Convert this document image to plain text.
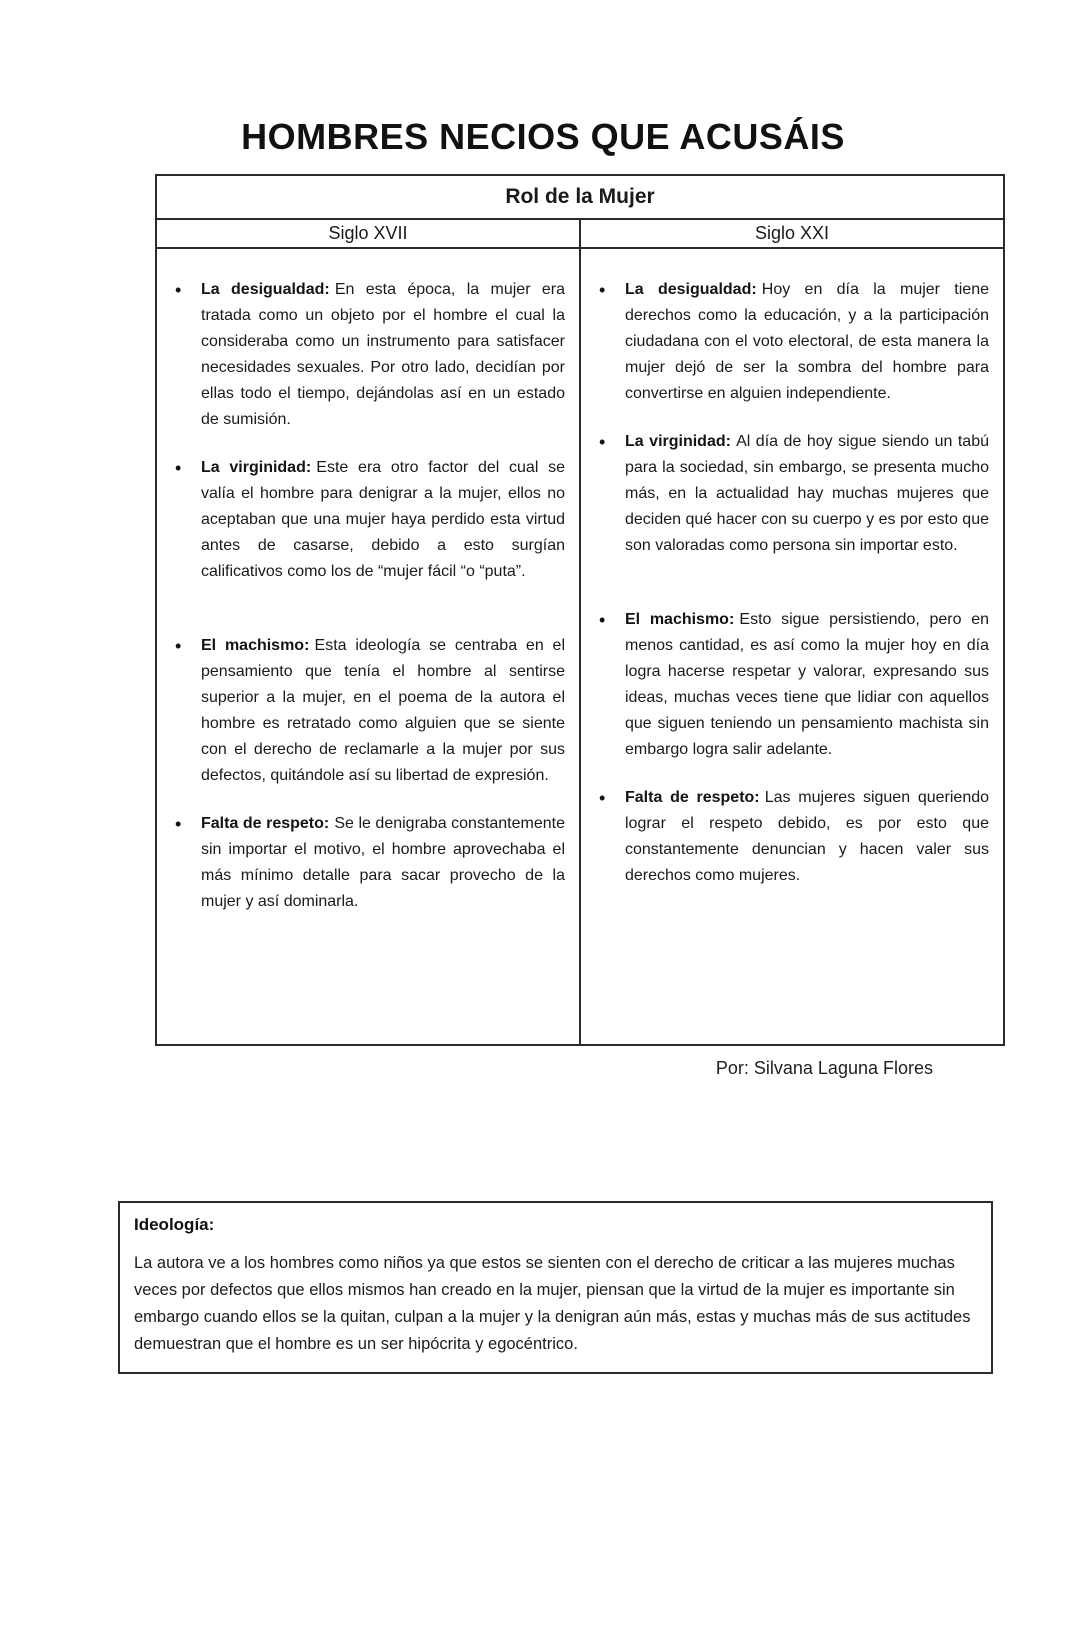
HOMBRES NECIOS QUE ACUSÁIS
Rol de la Mujer	
Siglo XVII	Siglo XXI

• La desigualdad: En esta época, la mujer era tratada como un objeto por el hombre el cual la consideraba como un instrumento para satisfacer necesidades sexuales. Por otro lado, decidían por ellas todo el tiempo, dejándolas así en un estado de sumisión.
• La virginidad: Este era otro factor del cual se valía el hombre para denigrar a la mujer, ellos no aceptaban que una mujer haya perdido esta virtud antes de casarse, debido a esto surgían calificativos como los de “mujer fácil “o “puta”.
• El machismo: Esta ideología se centraba en el pensamiento que tenía el hombre al sentirse superior a la mujer, en el poema de la autora el hombre es retratado como alguien que se siente con el derecho de reclamarle a la mujer por sus defectos, quitándole así su libertad de expresión.
• Falta de respeto: Se le denigraba constantemente sin importar el motivo, el hombre aprovechaba el más mínimo detalle para sacar provecho de la mujer y así dominarla.

• La desigualdad: Hoy en día la mujer tiene derechos como la educación, y a la participación ciudadana con el voto electoral, de esta manera la mujer dejó de ser la sombra del hombre para convertirse en alguien independiente.
• La virginidad: Al día de hoy sigue siendo un tabú para la sociedad, sin embargo, se presenta mucho más, en la actualidad hay muchas mujeres que deciden qué hacer con su cuerpo y es por esto que son valoradas como persona sin importar esto.
• El machismo: Esto sigue persistiendo, pero en menos cantidad, es así como la mujer hoy en día logra hacerse respetar y valorar, expresando sus ideas, muchas veces tiene que lidiar con aquellos que siguen teniendo un pensamiento machista sin embargo logra salir adelante.
• Falta de respeto: Las mujeres siguen queriendo lograr el respeto debido, es por esto que constantemente denuncian y hacen valer sus derechos como mujeres.
Por: Silvana Laguna Flores

Ideología:

La autora ve a los hombres como niños ya que estos se sienten con el derecho de criticar a las mujeres muchas veces por defectos que ellos mismos han creado en la mujer, piensan que la virtud de la mujer es importante sin embargo cuando ellos se la quitan, culpan a la mujer y la denigran aún más, estas y muchas más de sus actitudes demuestran que el hombre es un ser hipócrita y egocéntrico.
